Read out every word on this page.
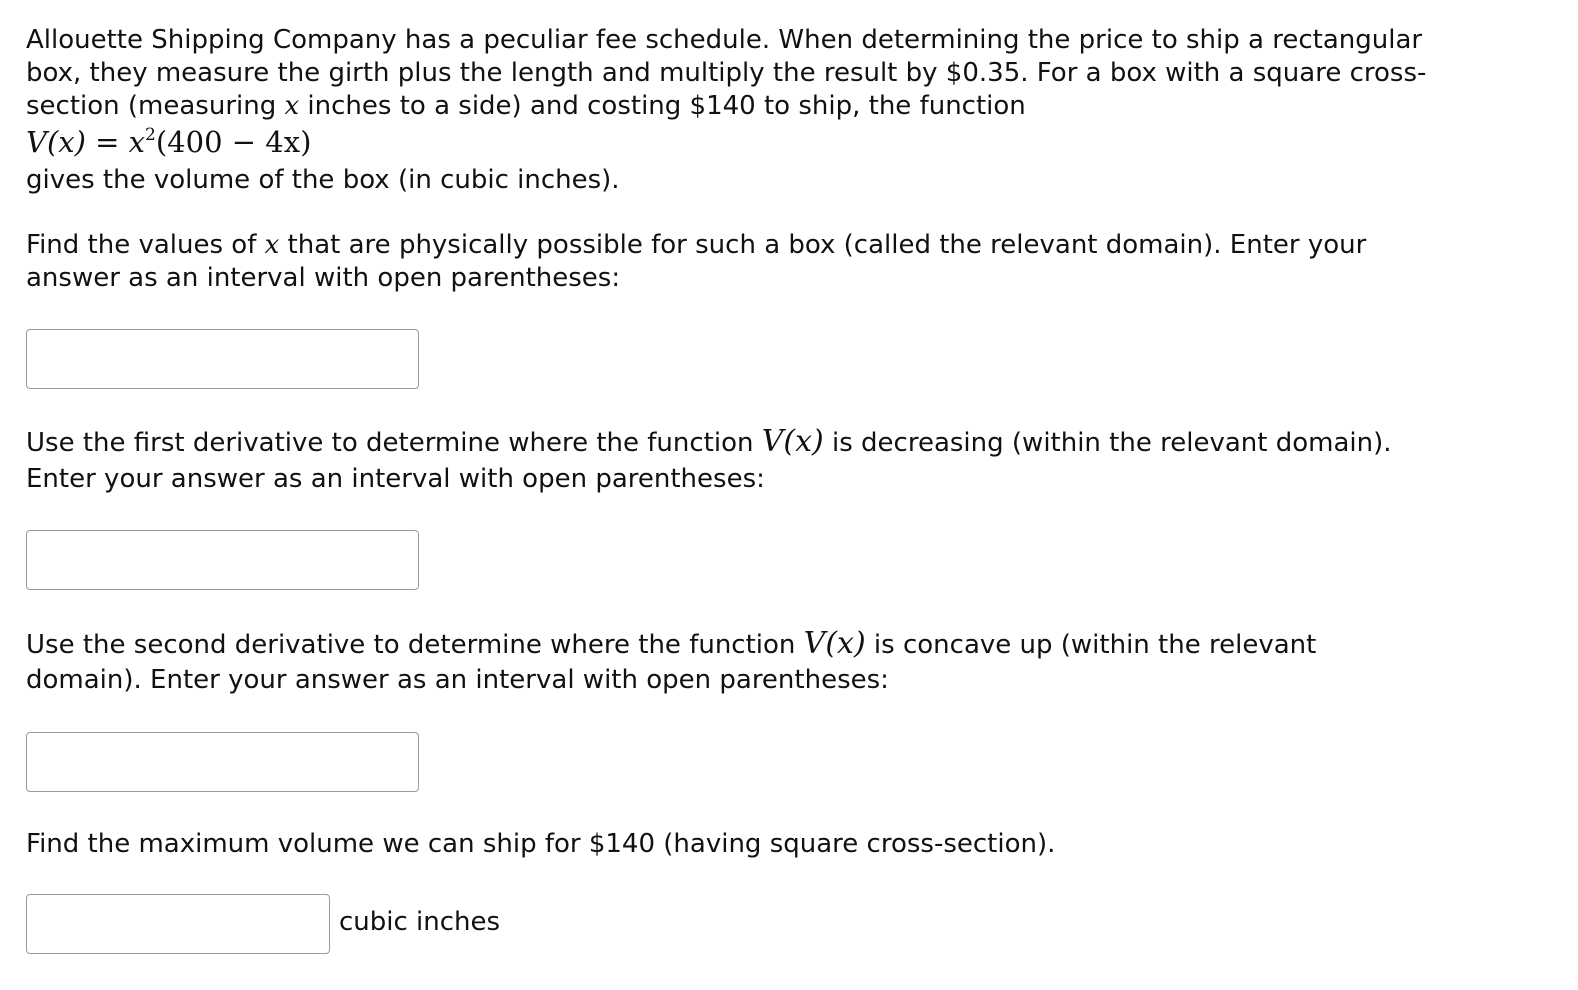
Allouette Shipping Company has a peculiar fee schedule. When determining the price to ship a rectangular

box, they measure the girth plus the length and multiply the result by $0.35. For a box with a square cross-

section (measuring x inches to a side) and costing $140 to ship, the function

$V(x) = x^2(400 - 4x)$

gives the volume of the box (in cubic inches).

Find the values of x that are physically possible for such a box (called the relevant domain). Enter your

answer as an interval with open parentheses:

Use the first derivative to determine where the function V(x) is decreasing (within the relevant domain).

Enter your answer as an interval with open parentheses:

Use the second derivative to determine where the function V(x) is concave up (within the relevant

domain). Enter your answer as an interval with open parentheses:

Find the maximum volume we can ship for $140 (having square cross-section).

cubic inches
